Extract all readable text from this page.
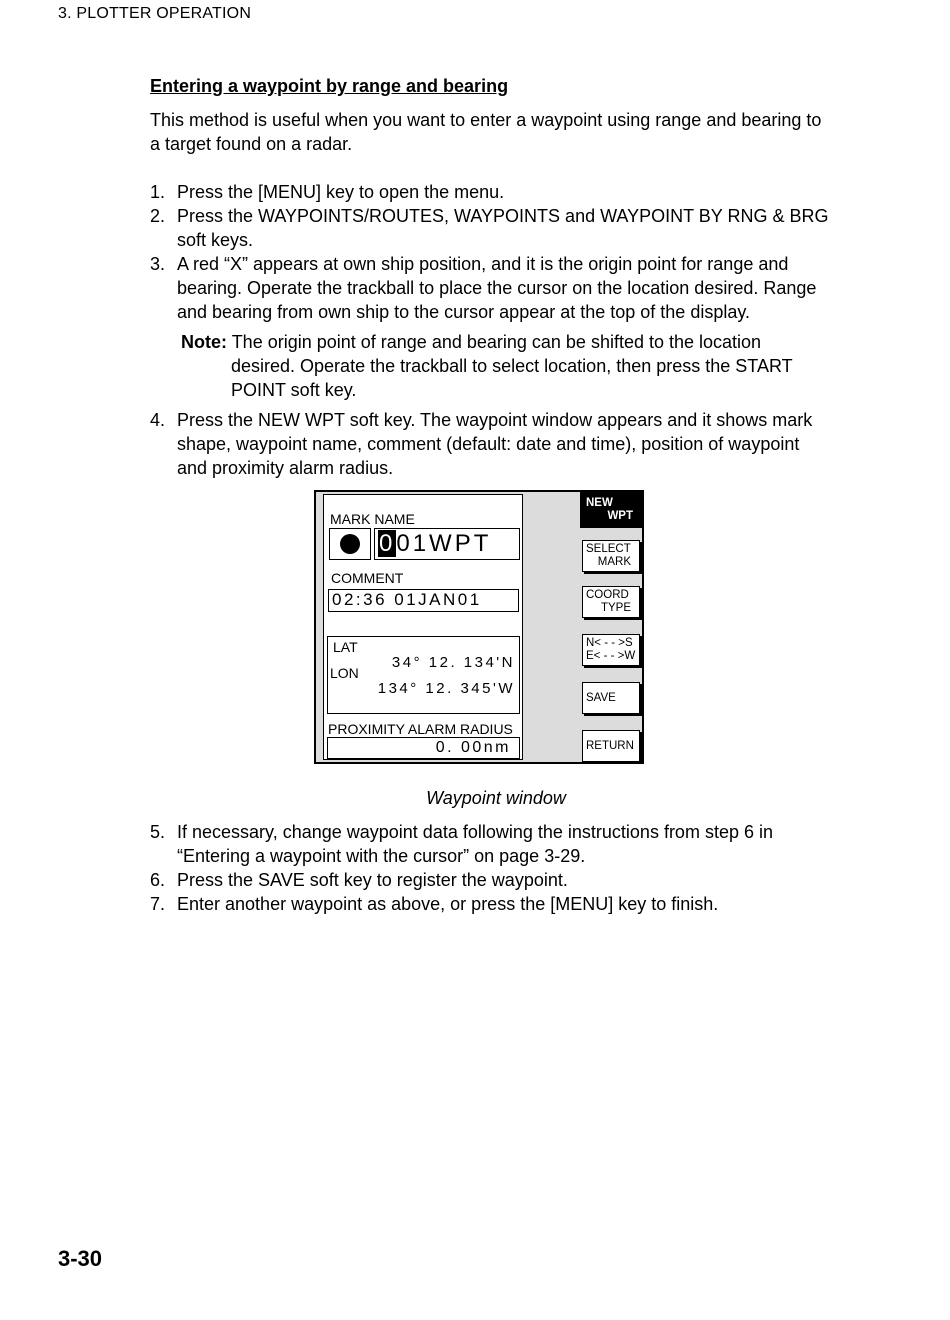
3. PLOTTER OPERATION
Entering a waypoint by range and bearing
This method is useful when you want to enter a waypoint using range and bearing to a target found on a radar.
1. Press the [MENU] key to open the menu.
2. Press the WAYPOINTS/ROUTES, WAYPOINTS and WAYPOINT BY RNG & BRG soft keys.
3. A red “X” appears at own ship position, and it is the origin point for range and bearing. Operate the trackball to place the cursor on the location desired. Range and bearing from own ship to the cursor appear at the top of the display.
Note: The origin point of range and bearing can be shifted to the location desired. Operate the trackball to select location, then press the START POINT soft key.
4. Press the NEW WPT soft key. The waypoint window appears and it shows mark shape, waypoint name, comment (default: date and time), position of waypoint and proximity alarm radius.
MARK NAME
001WPT
COMMENT
02:36 01JAN01
LAT
34° 12. 134'N
LON
134° 12. 345'W
PROXIMITY ALARM RADIUS
0. 00nm
NEW
WPT
SELECT
MARK
COORD
TYPE
N< - - >S
E< - - >W
SAVE
RETURN
Waypoint window
5. If necessary, change waypoint data following the instructions from step 6 in “Entering a waypoint with the cursor” on page 3-29.
6. Press the SAVE soft key to register the waypoint.
7. Enter another waypoint as above, or press the [MENU] key to finish.
3-30
